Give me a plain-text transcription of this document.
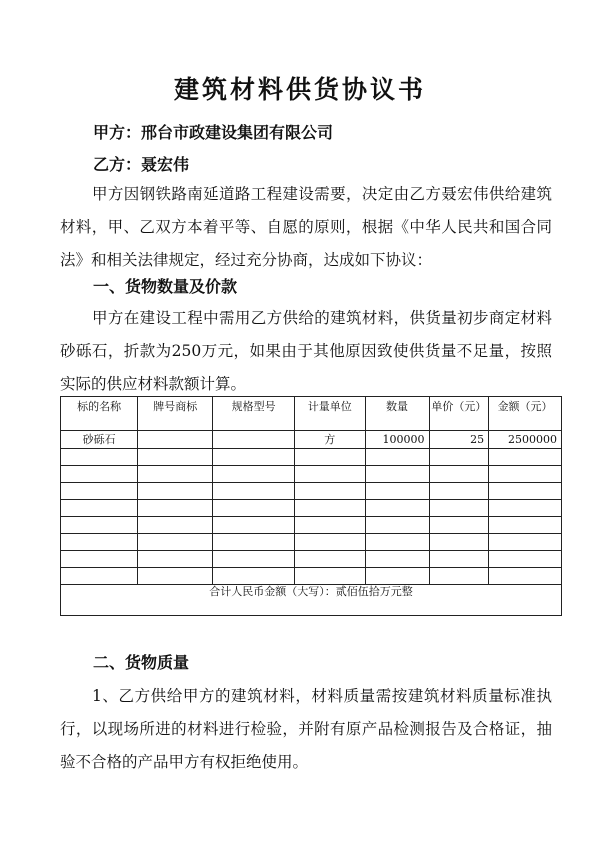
建筑材料供货协议书
甲方：邢台市政建设集团有限公司
乙方：聂宏伟

甲方因钢铁路南延道路工程建设需要，决定由乙方聂宏伟供给建筑材料，甲、乙双方本着平等、自愿的原则，根据《中华人民共和国合同法》和相关法律规定，经过充分协商，达成如下协议：

一、货物数量及价款

甲方在建设工程中需用乙方供给的建筑材料，供货量初步商定材料砂砾石，折款为250万元，如果由于其他原因致使供货量不足量，按照实际的供应材料款额计算。

标的名称	牌号商标	规格型号	计量单位	数量	单价（元）	金额（元）
砂砾石			方	100000	25	2500000

合计人民币金额（大写）：贰佰伍拾万元整						
二、货物质量

1、乙方供给甲方的建筑材料，材料质量需按建筑材料质量标准执行，以现场所进的材料进行检验，并附有原产品检测报告及合格证，抽验不合格的产品甲方有权拒绝使用。
